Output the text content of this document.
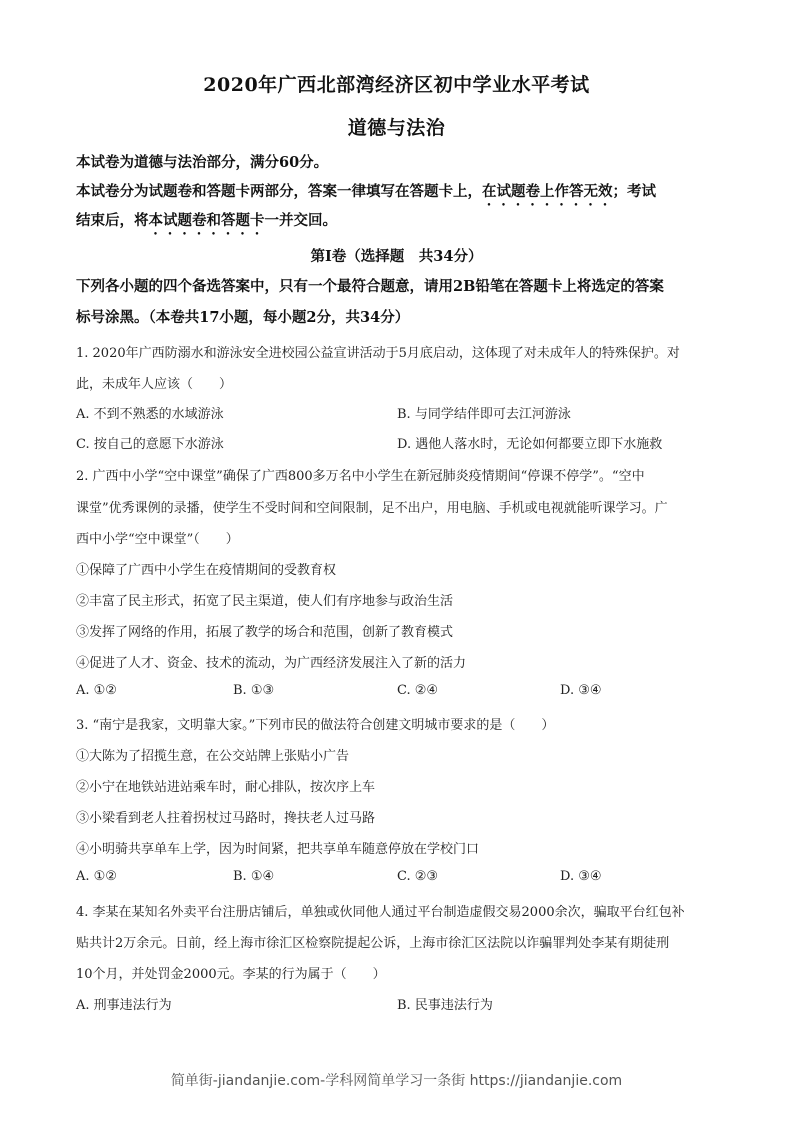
2020年广西北部湾经济区初中学业水平考试
道德与法治
本试卷为道德与法治部分，满分60分。
本试卷分为试题卷和答题卡两部分，答案一律填写在答题卡上，在试题卷上作答无效；考试
结束后，将本试题卷和答题卡一并交回。
第Ⅰ卷（选择题　共34分）
下列各小题的四个备选答案中，只有一个最符合题意，请用2B铅笔在答题卡上将选定的答案
标号涂黑。（本卷共17小题，每小题2分，共34分）
1. 2020年广西防溺水和游泳安全进校园公益宣讲活动于5月底启动，这体现了对未成年人的特殊保护。对
此，未成年人应该（　　）
A. 不到不熟悉的水域游泳	B. 与同学结伴即可去江河游泳
C. 按自己的意愿下水游泳	D. 遇他人落水时，无论如何都要立即下水施救
2. 广西中小学“空中课堂”确保了广西800多万名中小学生在新冠肺炎疫情期间“停课不停学”。“空中
课堂”优秀课例的录播，使学生不受时间和空间限制，足不出户，用电脑、手机或电视就能听课学习。广
西中小学“空中课堂”（　　）
①保障了广西中小学生在疫情期间的受教育权
②丰富了民主形式，拓宽了民主渠道，使人们有序地参与政治生活
③发挥了网络的作用，拓展了教学的场合和范围，创新了教育模式
④促进了人才、资金、技术的流动，为广西经济发展注入了新的活力
A. ①②	B. ①③	C. ②④	D. ③④
3. “南宁是我家，文明靠大家。”下列市民的做法符合创建文明城市要求的是（　　）
①大陈为了招揽生意，在公交站牌上张贴小广告
②小宁在地铁站进站乘车时，耐心排队，按次序上车
③小梁看到老人拄着拐杖过马路时，搀扶老人过马路
④小明骑共享单车上学，因为时间紧，把共享单车随意停放在学校门口
A. ①②	B. ①④	C. ②③	D. ③④
4. 李某在某知名外卖平台注册店铺后，单独或伙同他人通过平台制造虚假交易2000余次，骗取平台红包补
贴共计2万余元。日前，经上海市徐汇区检察院提起公诉，上海市徐汇区法院以诈骗罪判处李某有期徒刑
10个月，并处罚金2000元。李某的行为属于（　　）
A. 刑事违法行为	B. 民事违法行为
简单街-jiandanjie.com-学科网简单学习一条街 https://jiandanjie.com
